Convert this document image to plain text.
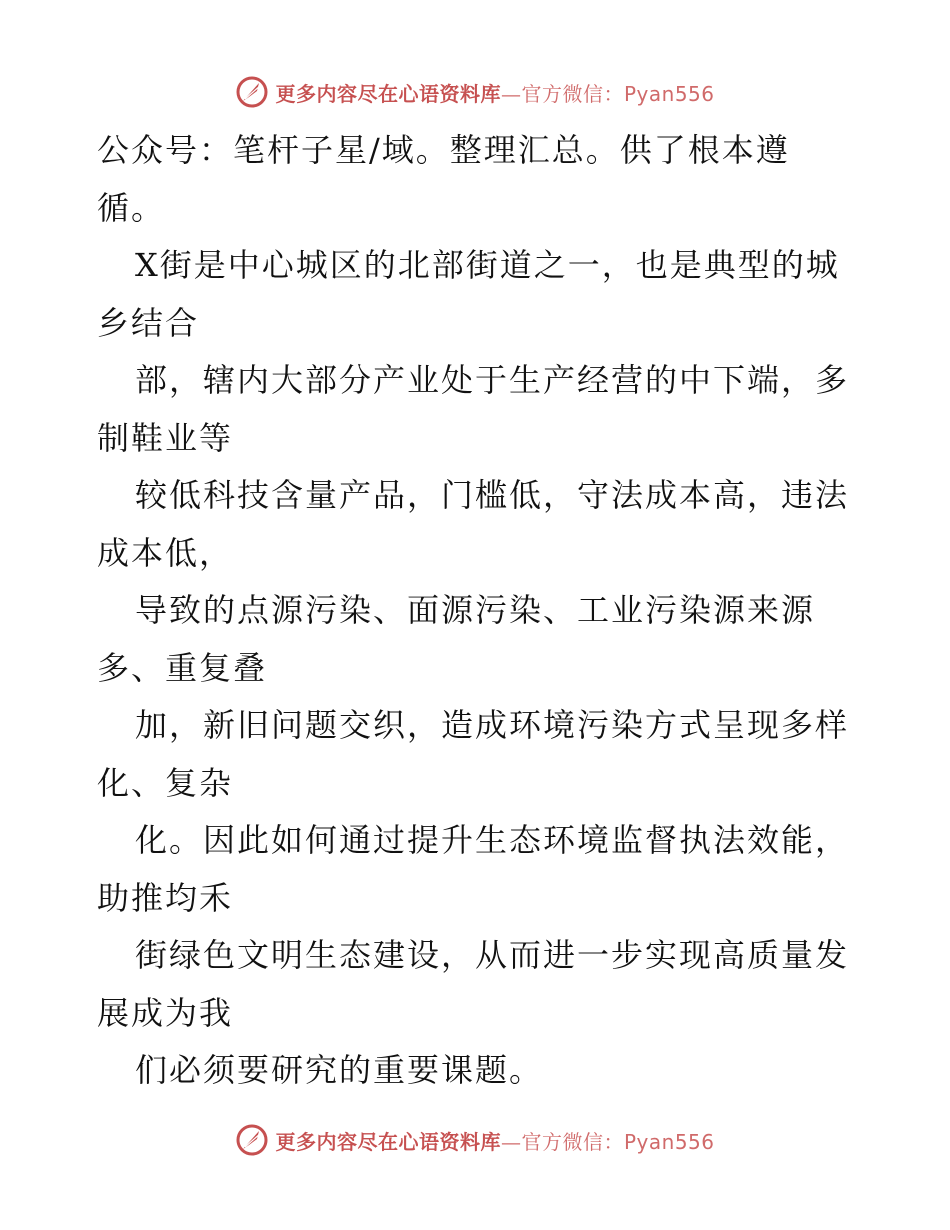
更多内容尽在心语资料库—官方微信：Pyan556
公众号：笔杆子星/域。整理汇总。供了根本遵
循。
X街是中心城区的北部街道之一，也是典型的城
乡结合
部，辖内大部分产业处于生产经营的中下端，多
制鞋业等
较低科技含量产品，门槛低，守法成本高，违法
成本低，
导致的点源污染、面源污染、工业污染源来源
多、重复叠
加，新旧问题交织，造成环境污染方式呈现多样
化、复杂
化。因此如何通过提升生态环境监督执法效能，
助推均禾
街绿色文明生态建设，从而进一步实现高质量发
展成为我
们必须要研究的重要课题。
更多内容尽在心语资料库—官方微信：Pyan556
